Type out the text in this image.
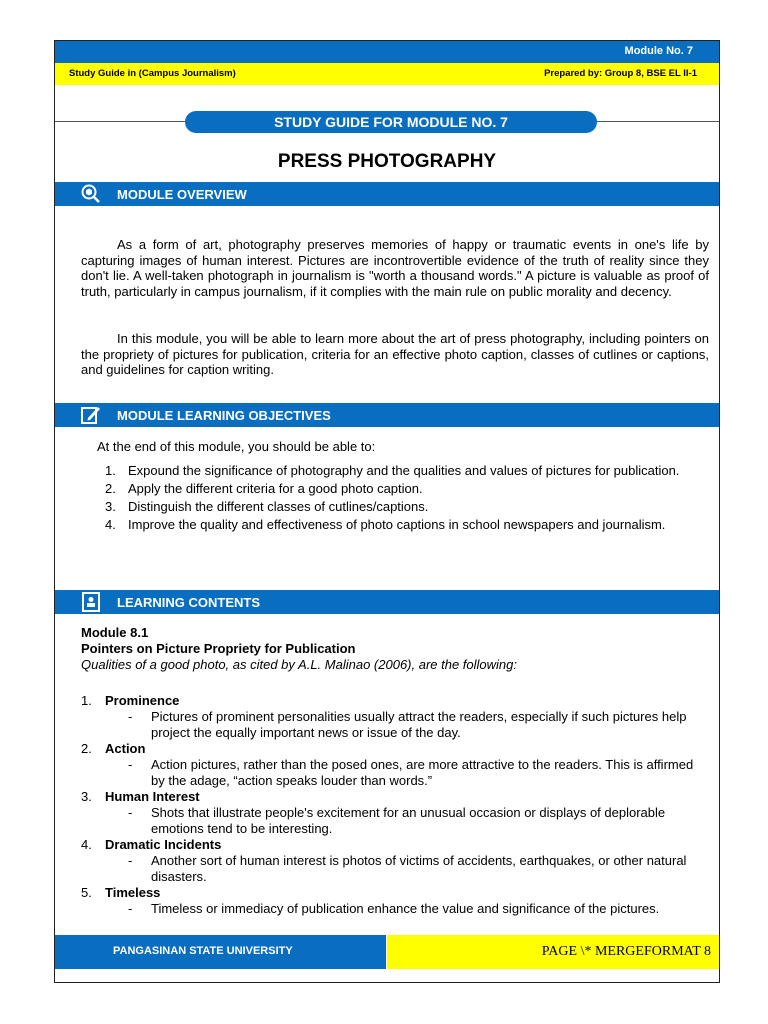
Module No. 7
Study Guide in (Campus Journalism)	Prepared by: Group 8, BSE EL II-1
STUDY GUIDE FOR MODULE NO. 7
PRESS PHOTOGRAPHY
MODULE OVERVIEW
As a form of art, photography preserves memories of happy or traumatic events in one's life by capturing images of human interest. Pictures are incontrovertible evidence of the truth of reality since they don't lie. A well-taken photograph in journalism is "worth a thousand words." A picture is valuable as proof of truth, particularly in campus journalism, if it complies with the main rule on public morality and decency.
In this module, you will be able to learn more about the art of press photography, including pointers on the propriety of pictures for publication, criteria for an effective photo caption, classes of cutlines or captions, and guidelines for caption writing.
MODULE LEARNING OBJECTIVES
At the end of this module, you should be able to:
1. Expound the significance of photography and the qualities and values of pictures for publication.
2. Apply the different criteria for a good photo caption.
3. Distinguish the different classes of cutlines/captions.
4. Improve the quality and effectiveness of photo captions in school newspapers and journalism.
LEARNING CONTENTS
Module 8.1
Pointers on Picture Propriety for Publication
Qualities of a good photo, as cited by A.L. Malinao (2006), are the following:
1. Prominence
- Pictures of prominent personalities usually attract the readers, especially if such pictures help project the equally important news or issue of the day.
2. Action
- Action pictures, rather than the posed ones, are more attractive to the readers. This is affirmed by the adage, “action speaks louder than words.”
3. Human Interest
- Shots that illustrate people's excitement for an unusual occasion or displays of deplorable emotions tend to be interesting.
4. Dramatic Incidents
- Another sort of human interest is photos of victims of accidents, earthquakes, or other natural disasters.
5. Timeless
- Timeless or immediacy of publication enhance the value and significance of the pictures.
PANGASINAN STATE UNIVERSITY	PAGE \* MERGEFORMAT 8
